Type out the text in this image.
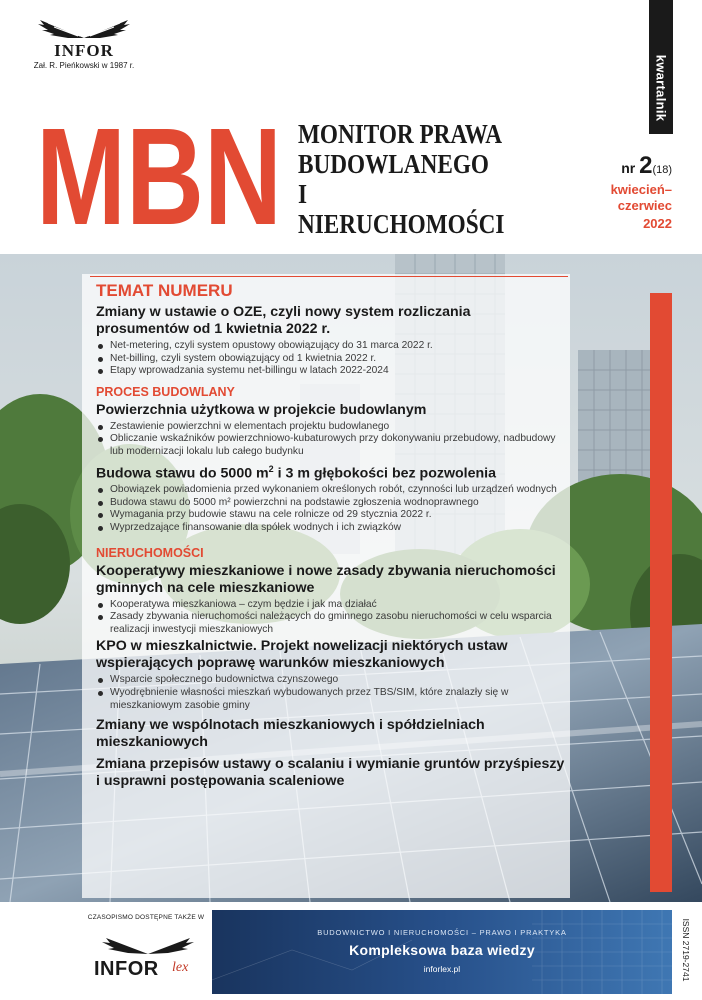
INFOR
Zał. R. Pieńkowski w 1987 r.	kwartalnik
MBN MONITOR PRAWA
BUDOWLANEGO
I NIERUCHOMOŚCI
nr 2(18)
kwiecień–czerwiec
2022
TEMAT NUMERU
Zmiany w ustawie o OZE, czyli nowy system rozliczania prosumentów od 1 kwietnia 2022 r.
Net-metering, czyli system opustowy obowiązujący do 31 marca 2022 r.
Net-billing, czyli system obowiązujący od 1 kwietnia 2022 r.
Etapy wprowadzania systemu net-billingu w latach 2022-2024
PROCES BUDOWLANY
Powierzchnia użytkowa w projekcie budowlanym
Zestawienie powierzchni w elementach projektu budowlanego
Obliczanie wskaźników powierzchniowo-kubaturowych przy dokonywaniu przebudowy, nadbudowy lub modernizacji lokalu lub całego budynku
Budowa stawu do 5000 $m^2$ i 3 m głębokości bez pozwolenia
Obowiązek powiadomienia przed wykonaniem określonych robót, czynności lub urządzeń wodnych
Budowa stawu do 5000 m² powierzchni na podstawie zgłoszenia wodnoprawnego
Wymagania przy budowie stawu na cele rolnicze od 29 stycznia 2022 r.
Wyprzedzające finansowanie dla spółek wodnych i ich związków
NIERUCHOMOŚCI
Kooperatywy mieszkaniowe i nowe zasady zbywania nieruchomości gminnych na cele mieszkaniowe
Kooperatywa mieszkaniowa – czym będzie i jak ma działać
Zasady zbywania nieruchomości należących do gminnego zasobu nieruchomości w celu wsparcia realizacji inwestycji mieszkaniowych
KPO w mieszkalnictwie. Projekt nowelizacji niektórych ustaw wspierających poprawę warunków mieszkaniowych
Wsparcie społecznego budownictwa czynszowego
Wyodrębnienie własności mieszkań wybudowanych przez TBS/SIM, które znalazły się w mieszkaniowym zasobie gminy
Zmiany we wspólnotach mieszkaniowych i spółdzielniach mieszkaniowych
Zmiana przepisów ustawy o scalaniu i wymianie gruntów przyśpieszy i usprawni postępowania scaleniowe
CZASOPISMO DOSTĘPNE TAKŻE W
INFOR lex
BUDOWNICTWO I NIERUCHOMOŚCI – PRAWO I PRAKTYKA
Kompleksowa baza wiedzy
inforlex.pl	ISSN 2719-2741
